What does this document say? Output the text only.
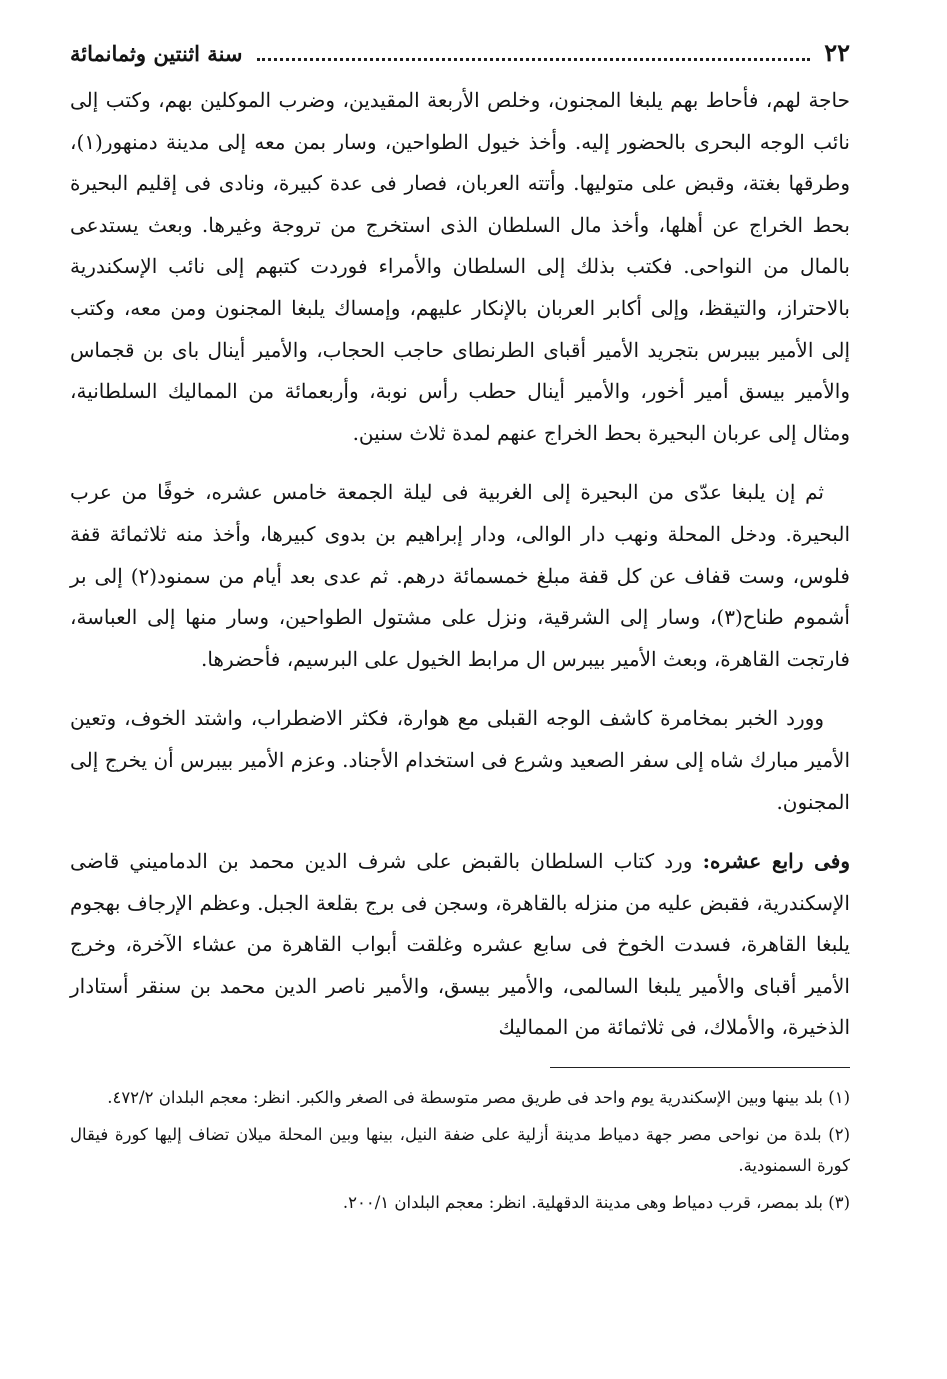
٢٢
سنة اثنتين وثمانمائة

حاجة لهم، فأحاط بهم يلبغا المجنون، وخلص الأربعة المقيدين، وضرب الموكلين بهم، وكتب إلى نائب الوجه البحرى بالحضور إليه. وأخذ خيول الطواحين، وسار بمن معه إلى مدينة دمنهور(١)، وطرقها بغتة، وقبض على متوليها. وأتته العربان، فصار فى عدة كبيرة، ونادى فى إقليم البحيرة بحط الخراج عن أهلها، وأخذ مال السلطان الذى استخرج من تروجة وغيرها. وبعث يستدعى بالمال من النواحى. فكتب بذلك إلى السلطان والأمراء فوردت كتبهم إلى نائب الإسكندرية بالاحتراز، والتيقظ، وإلى أكابر العربان بالإنكار عليهم، وإمساك يلبغا المجنون ومن معه، وكتب إلى الأمير بيبرس بتجريد الأمير أقباى الطرنطاى حاجب الحجاب، والأمير أينال باى بن قجماس والأمير بيسق أمير أخور، والأمير أينال حطب رأس نوبة، وأربعمائة من المماليك السلطانية، ومثال إلى عربان البحيرة بحط الخراج عنهم لمدة ثلاث سنين.

ثم إن يلبغا عدّى من البحيرة إلى الغربية فى ليلة الجمعة خامس عشره، خوفًا من عرب البحيرة. ودخل المحلة ونهب دار الوالى، ودار إبراهيم بن بدوى كبيرها، وأخذ منه ثلاثمائة قفة فلوس، وست قفاف عن كل قفة مبلغ خمسمائة درهم. ثم عدى بعد أيام من سمنود(٢) إلى بر أشموم طناح(٣)، وسار إلى الشرقية، ونزل على مشتول الطواحين، وسار منها إلى العباسة، فارتجت القاهرة، وبعث الأمير بيبرس ال مرابط الخيول على البرسيم، فأحضرها.

وورد الخبر بمخامرة كاشف الوجه القبلى مع هوارة، فكثر الاضطراب، واشتد الخوف، وتعين الأمير مبارك شاه إلى سفر الصعيد وشرع فى استخدام الأجناد. وعزم الأمير بيبرس أن يخرج إلى المجنون.

وفى رابع عشره: ورد كتاب السلطان بالقبض على شرف الدين محمد بن الدماميني قاضى الإسكندرية، فقبض عليه من منزله بالقاهرة، وسجن فى برج بقلعة الجبل. وعظم الإرجاف بهجوم يلبغا القاهرة، فسدت الخوخ فى سابع عشره وغلقت أبواب القاهرة من عشاء الآخرة، وخرج الأمير أقباى والأمير يلبغا السالمى، والأمير بيسق، والأمير ناصر الدين محمد بن سنقر أستادار الذخيرة، والأملاك، فى ثلاثمائة من المماليك

(١) بلد بينها وبين الإسكندرية يوم واحد فى طريق مصر متوسطة فى الصغر والكبر. انظر: معجم البلدان ٤٧٢/٢.

(٢) بلدة من نواحى مصر جهة دمياط مدينة أزلية على ضفة النيل، بينها وبين المحلة ميلان تضاف إليها كورة فيقال كورة السمنودية.

(٣) بلد بمصر، قرب دمياط وهى مدينة الدقهلية. انظر: معجم البلدان ٢٠٠/١.
